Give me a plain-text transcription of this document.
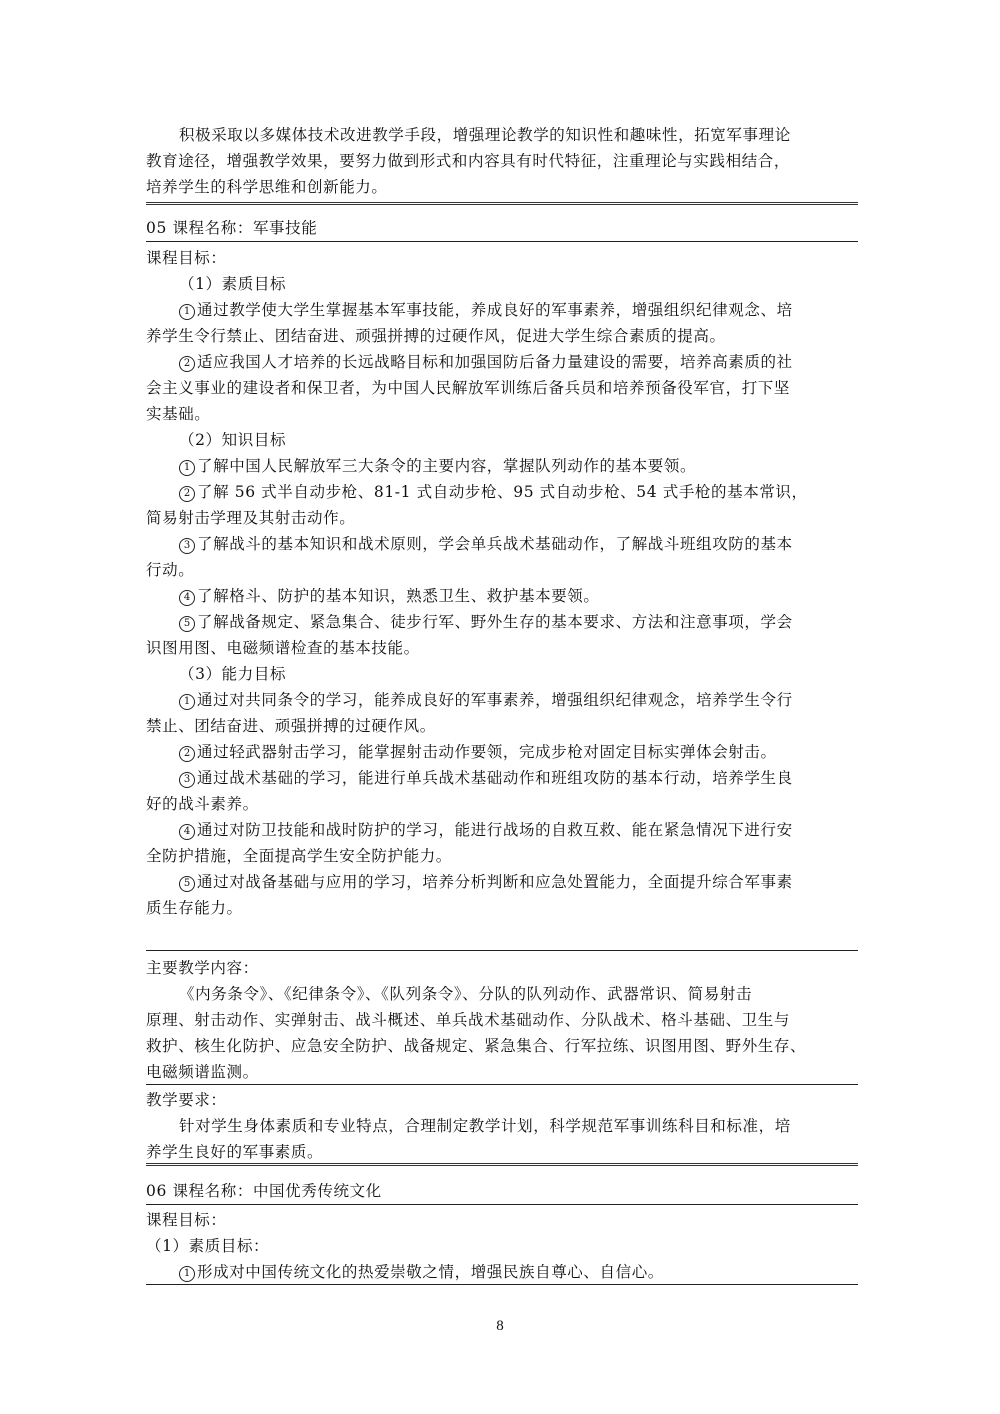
积极采取以多媒体技术改进教学手段，增强理论教学的知识性和趣味性，拓宽军事理论
教育途径，增强教学效果，要努力做到形式和内容具有时代特征，注重理论与实践相结合，
培养学生的科学思维和创新能力。
05 课程名称：军事技能
课程目标：
（1）素质目标
1 通过教学使大学生掌握基本军事技能，养成良好的军事素养，增强组织纪律观念、培
养学生令行禁止、团结奋进、顽强拼搏的过硬作风，促进大学生综合素质的提高。
2 适应我国人才培养的长远战略目标和加强国防后备力量建设的需要，培养高素质的社
会主义事业的建设者和保卫者，为中国人民解放军训练后备兵员和培养预备役军官，打下坚
实基础。
（2）知识目标
1 了解中国人民解放军三大条令的主要内容，掌握队列动作的基本要领。
2 了解 56 式半自动步枪、81-1 式自动步枪、95 式自动步枪、54 式手枪的基本常识，
简易射击学理及其射击动作。
3 了解战斗的基本知识和战术原则，学会单兵战术基础动作，了解战斗班组攻防的基本
行动。
4 了解格斗、防护的基本知识，熟悉卫生、救护基本要领。
5 了解战备规定、紧急集合、徒步行军、野外生存的基本要求、方法和注意事项，学会
识图用图、电磁频谱检查的基本技能。
（3）能力目标
1 通过对共同条令的学习，能养成良好的军事素养，增强组织纪律观念，培养学生令行
禁止、团结奋进、顽强拼搏的过硬作风。
2 通过轻武器射击学习，能掌握射击动作要领，完成步枪对固定目标实弹体会射击。
3 通过战术基础的学习，能进行单兵战术基础动作和班组攻防的基本行动，培养学生良
好的战斗素养。
4 通过对防卫技能和战时防护的学习，能进行战场的自救互救、能在紧急情况下进行安
全防护措施，全面提高学生安全防护能力。
5 通过对战备基础与应用的学习，培养分析判断和应急处置能力，全面提升综合军事素
质生存能力。
主要教学内容：
《内务条令》、《纪律条令》、《队列条令》、分队的队列动作、武器常识、简易射击
原理、射击动作、实弹射击、战斗概述、单兵战术基础动作、分队战术、格斗基础、卫生与
救护、核生化防护、应急安全防护、战备规定、紧急集合、行军拉练、识图用图、野外生存、
电磁频谱监测。
教学要求：
针对学生身体素质和专业特点，合理制定教学计划，科学规范军事训练科目和标准，培
养学生良好的军事素质。
06 课程名称：中国优秀传统文化
课程目标：
（1）素质目标：
1 形成对中国传统文化的热爱崇敬之情，增强民族自尊心、自信心。
8
